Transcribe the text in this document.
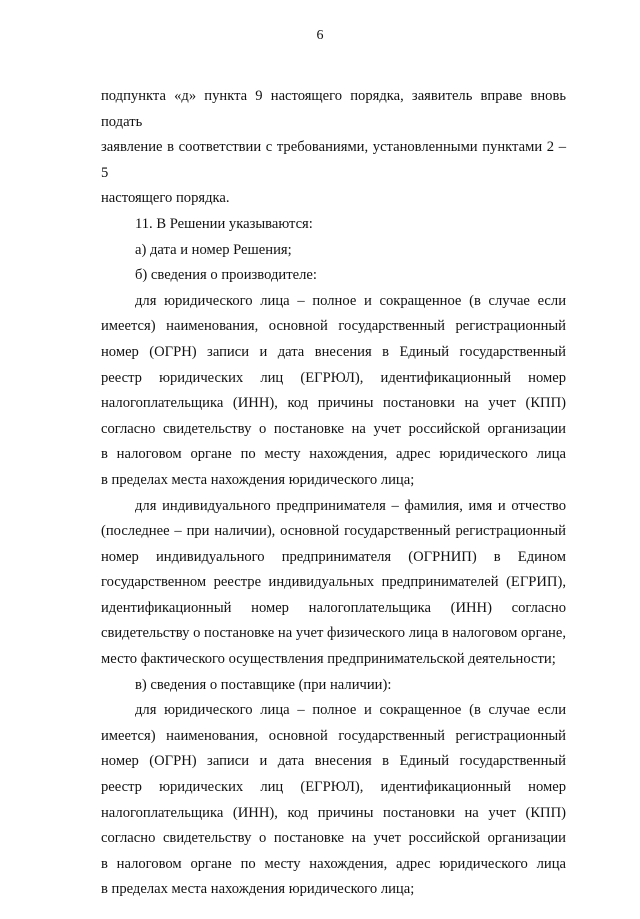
6

подпункта «д» пункта 9 настоящего порядка, заявитель вправе вновь подать

заявление в соответствии с требованиями, установленными пунктами 2 – 5

настоящего порядка.

11. В Решении указываются:

а) дата и номер Решения;

б) сведения о производителе:

для юридического лица – полное и сокращенное (в случае если

имеется) наименования, основной государственный регистрационный

номер (ОГРН) записи и дата внесения в Единый государственный

реестр юридических лиц (ЕГРЮЛ), идентификационный номер

налогоплательщика (ИНН), код причины постановки на учет (КПП)

согласно свидетельству о постановке на учет российской организации

в налоговом органе по месту нахождения, адрес юридического лица

в пределах места нахождения юридического лица;

для индивидуального предпринимателя – фамилия, имя и отчество

(последнее – при наличии), основной государственный регистрационный

номер индивидуального предпринимателя (ОГРНИП) в Едином

государственном реестре индивидуальных предпринимателей (ЕГРИП),

идентификационный номер налогоплательщика (ИНН) согласно

свидетельству о постановке на учет физического лица в налоговом органе,

место фактического осуществления предпринимательской деятельности;

в) сведения о поставщике (при наличии):

для юридического лица – полное и сокращенное (в случае если

имеется) наименования, основной государственный регистрационный

номер (ОГРН) записи и дата внесения в Единый государственный

реестр юридических лиц (ЕГРЮЛ), идентификационный номер

налогоплательщика (ИНН), код причины постановки на учет (КПП)

согласно свидетельству о постановке на учет российской организации

в налоговом органе по месту нахождения, адрес юридического лица

в пределах места нахождения юридического лица;
